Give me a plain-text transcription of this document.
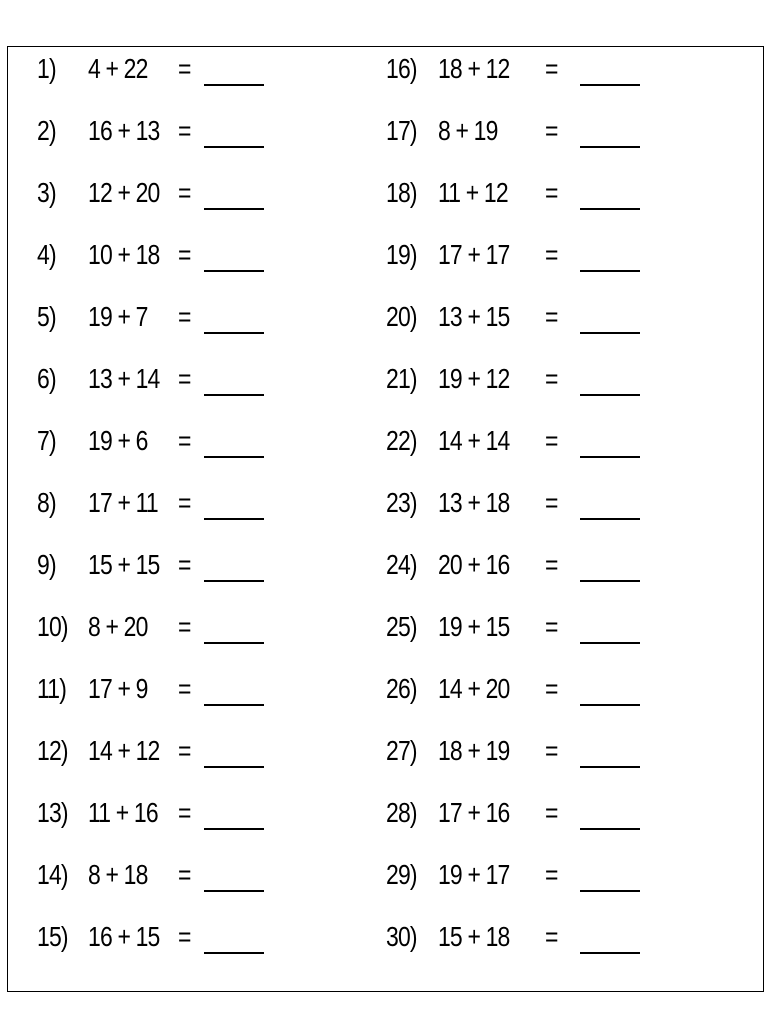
1) 4 + 22 =
2) 16 + 13 =
3) 12 + 20 =
4) 10 + 18 =
5) 19 + 7 =
6) 13 + 14 =
7) 19 + 6 =
8) 17 + 11 =
9) 15 + 15 =
10) 8 + 20 =
11) 17 + 9 =
12) 14 + 12 =
13) 11 + 16 =
14) 8 + 18 =
15) 16 + 15 =
16) 18 + 12 =
17) 8 + 19 =
18) 11 + 12 =
19) 17 + 17 =
20) 13 + 15 =
21) 19 + 12 =
22) 14 + 14 =
23) 13 + 18 =
24) 20 + 16 =
25) 19 + 15 =
26) 14 + 20 =
27) 18 + 19 =
28) 17 + 16 =
29) 19 + 17 =
30) 15 + 18 =
